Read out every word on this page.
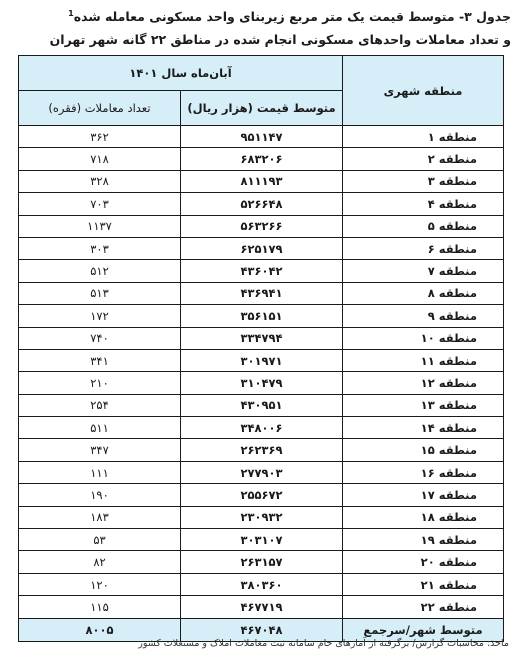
جدول ۳- متوسط قیمت یک متر مربع زیربنای واحد مسکونی معامله شده$^1$
و تعداد معاملات واحدهای مسکونی انجام شده در مناطق ۲۲ گانه شهر تهران
آبان‌ماه سال ۱۴۰۱		منطقه شهری
تعداد معاملات (فقره)	متوسط قیمت (هزار ریال)	
۳۶۲	۹۵۱۱۴۷	منطقه ۱
۷۱۸	۶۸۳۲۰۶	منطقه ۲
۳۲۸	۸۱۱۱۹۳	منطقه ۳
۷۰۳	۵۲۶۶۴۸	منطقه ۴
۱۱۳۷	۵۶۳۲۶۶	منطقه ۵
۳۰۳	۶۲۵۱۷۹	منطقه ۶
۵۱۲	۴۳۶۰۴۲	منطقه ۷
۵۱۳	۴۳۶۹۴۱	منطقه ۸
۱۷۲	۳۵۶۱۵۱	منطقه ۹
۷۴۰	۳۳۴۷۹۴	منطقه ۱۰
۳۴۱	۳۰۱۹۷۱	منطقه ۱۱
۲۱۰	۳۱۰۴۷۹	منطقه ۱۲
۲۵۴	۴۳۰۹۵۱	منطقه ۱۳
۵۱۱	۳۴۸۰۰۶	منطقه ۱۴
۳۴۷	۲۶۲۳۶۹	منطقه ۱۵
۱۱۱	۲۷۷۹۰۳	منطقه ۱۶
۱۹۰	۲۵۵۶۷۲	منطقه ۱۷
۱۸۳	۲۳۰۹۳۲	منطقه ۱۸
۵۳	۳۰۳۱۰۷	منطقه ۱۹
۸۲	۲۶۳۱۵۷	منطقه ۲۰
۱۲۰	۳۸۰۳۶۰	منطقه ۲۱
۱۱۵	۴۶۷۷۱۹	منطقه ۲۲
۸۰۰۵	۴۶۷۰۴۸	متوسط شهر/سرجمع
ماخذ: محاسبات گزارش/ برگرفته از آمارهای خام سامانه ثبت معاملات املاک و مستغلات کشور
